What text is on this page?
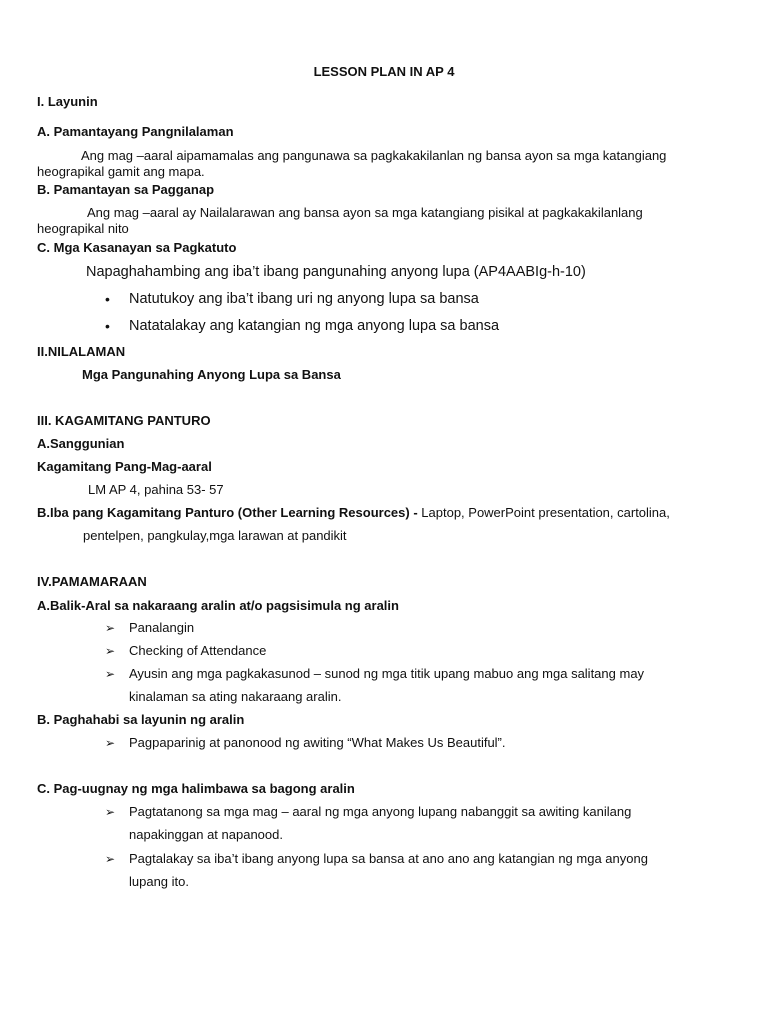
LESSON PLAN IN AP 4
I. Layunin
A. Pamantayang Pangnilalaman
Ang mag –aaral aipamamalas ang pangunawa sa pagkakakilanlan ng bansa ayon sa mga katangiang
heograpikal gamit ang mapa.
B. Pamantayan sa Pagganap
Ang mag –aaral ay Nailalarawan ang bansa ayon sa mga katangiang pisikal at pagkakakilanlang
heograpikal nito
C. Mga Kasanayan sa Pagkatuto
Napaghahambing ang iba’t ibang pangunahing anyong lupa (AP4AABIg-h-10)
• Natutukoy ang iba’t ibang uri ng anyong lupa sa bansa
• Natatalakay ang katangian ng mga anyong lupa sa bansa
II.NILALAMAN
Mga Pangunahing Anyong Lupa sa Bansa
III. KAGAMITANG PANTURO
A.Sanggunian
Kagamitang Pang-Mag-aaral
LM AP 4, pahina 53- 57
B.Iba pang Kagamitang Panturo (Other Learning Resources) - Laptop, PowerPoint presentation, cartolina,
pentelpen, pangkulay,mga larawan at pandikit
IV.PAMAMARAAN
A.Balik-Aral sa nakaraang aralin at/o pagsisimula ng aralin
➢ Panalangin
➢ Checking of Attendance
➢ Ayusin ang mga pagkakasunod – sunod ng mga titik upang mabuo ang mga salitang may
kinalaman sa ating nakaraang aralin.
B. Paghahabi sa layunin ng aralin
➢ Pagpaparinig at panonood ng awiting “What Makes Us Beautiful”.
C. Pag-uugnay ng mga halimbawa sa bagong aralin
➢ Pagtatanong sa mga mag – aaral ng mga anyong lupang nabanggit sa awiting kanilang
napakinggan at napanood.
➢ Pagtalakay sa iba’t ibang anyong lupa sa bansa at ano ano ang katangian ng mga anyong
lupang ito.
